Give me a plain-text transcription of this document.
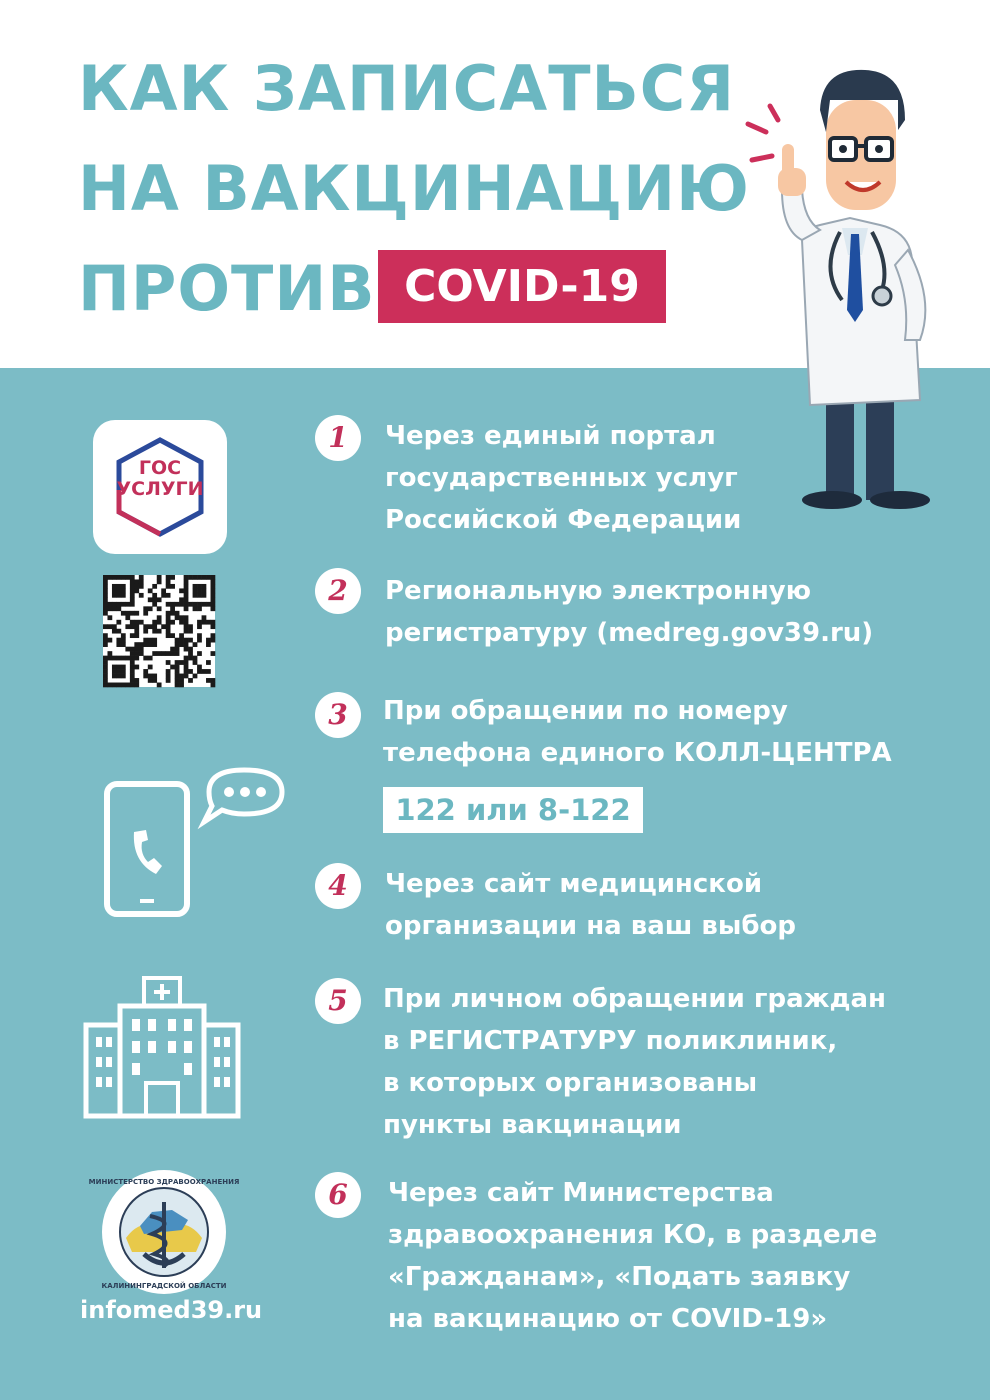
КАК ЗАПИСАТЬСЯ
НА ВАКЦИНАЦИЮ
ПРОТИВ COVID-19
ГОС
УСЛУГИ
МИНИСТЕРСТВО ЗДРАВООХРАНЕНИЯ
КАЛИНИНГРАДСКОЙ ОБЛАСТИ
infomed39.ru
1	Через единый портал
государственных услуг
Российской Федерации
2	Региональную электронную
регистратуру (medreg.gov39.ru)
3	При обращении по номеру
телефона единого КОЛЛ-ЦЕНТРА
122 или 8-122
4	Через сайт медицинской
организации на ваш выбор
5	При личном обращении граждан
в РЕГИСТРАТУРУ поликлиник,
в которых организованы
пункты вакцинации
6	Через сайт Министерства
здравоохранения КО, в разделе
«Гражданам», «Подать заявку
на вакцинацию от COVID-19»
